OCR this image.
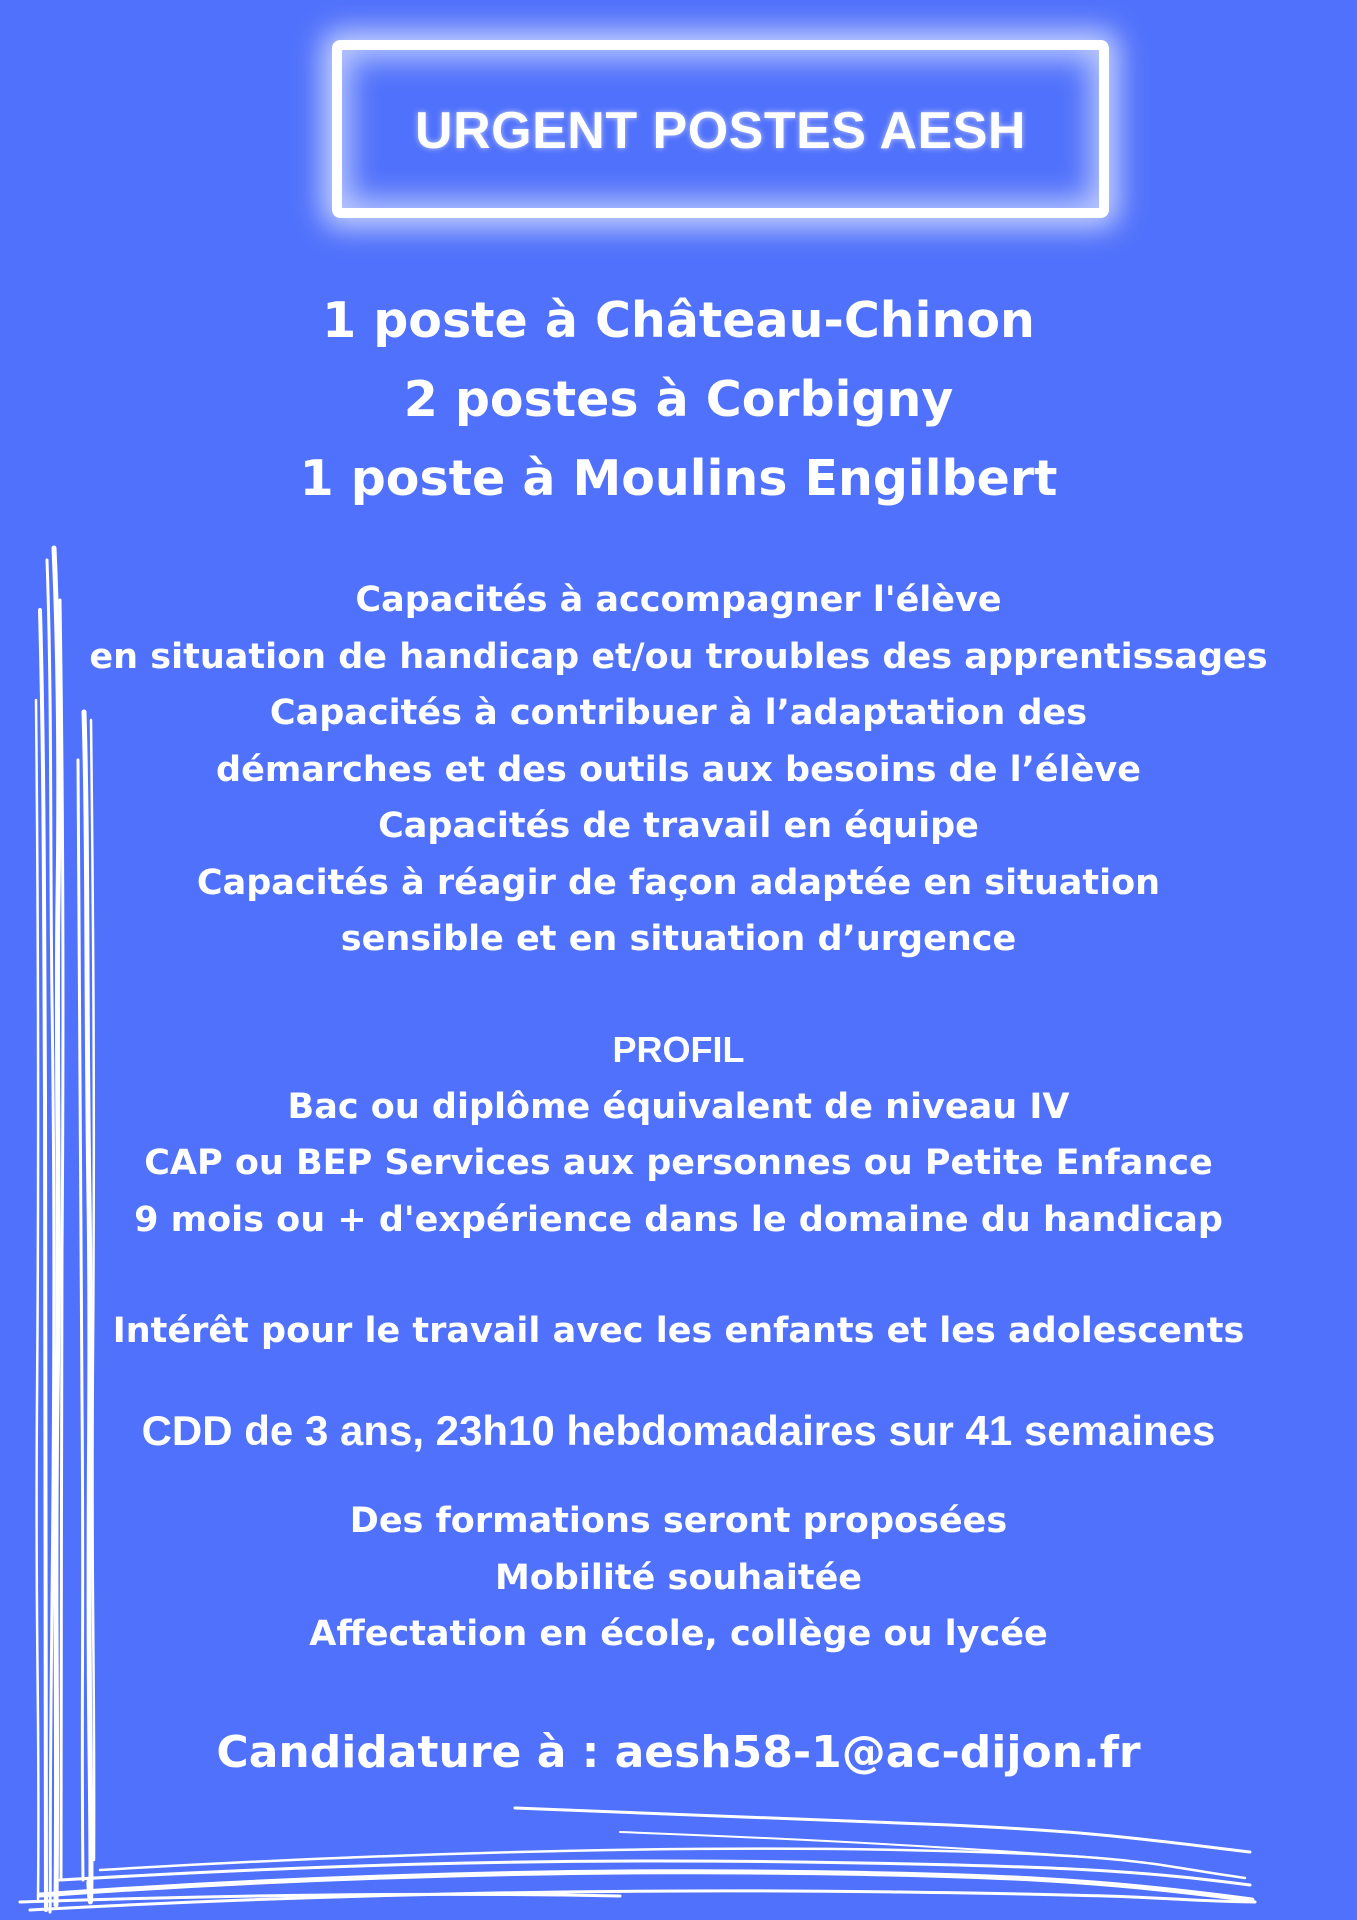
URGENT POSTES AESH
1 poste à Château-Chinon
2 postes à Corbigny
1 poste à Moulins Engilbert
Capacités à accompagner l'élève
en situation de handicap et/ou troubles des apprentissages
Capacités à contribuer à l’adaptation des
démarches et des outils aux besoins de l’élève
Capacités de travail en équipe
Capacités à réagir de façon adaptée en situation
sensible et en situation d’urgence
PROFIL
Bac ou diplôme équivalent de niveau IV
CAP ou BEP Services aux personnes ou Petite Enfance
9 mois ou + d'expérience dans le domaine du handicap
Intérêt pour le travail avec les enfants et les adolescents
CDD de 3 ans, 23h10 hebdomadaires sur 41 semaines
Des formations seront proposées
Mobilité souhaitée
Affectation en école, collège ou lycée
Candidature à : aesh58-1@ac-dijon.fr
